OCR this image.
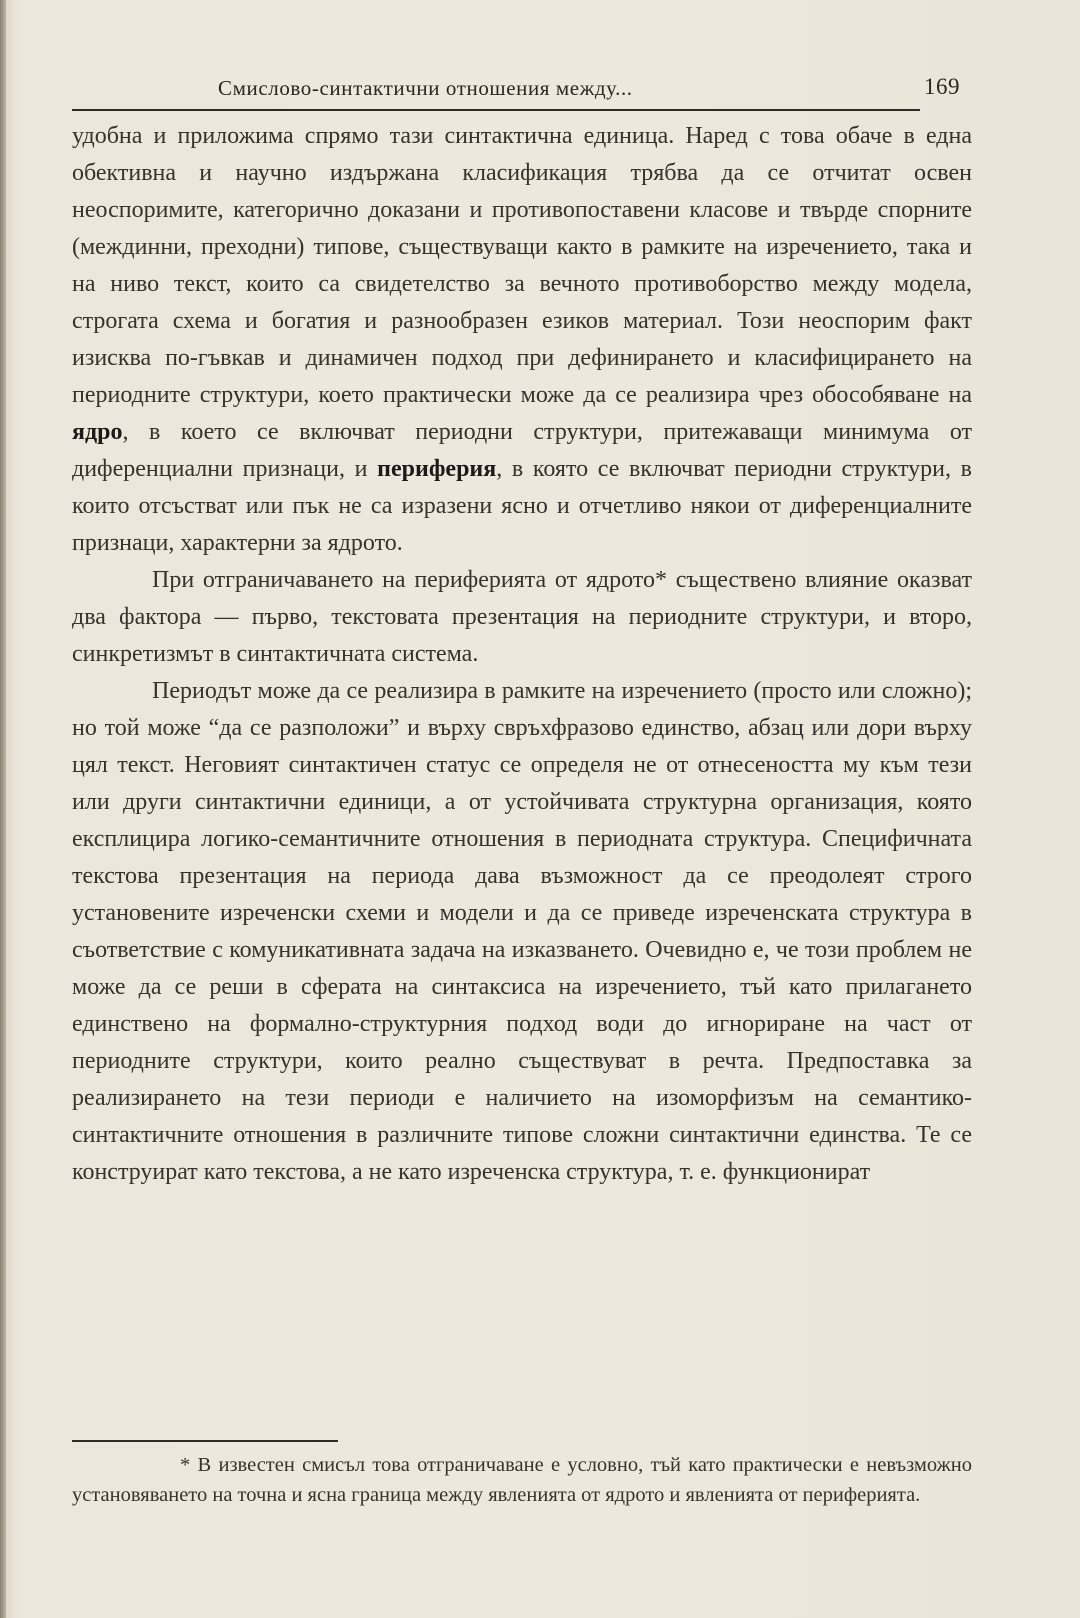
Смислово-синтактични отношения между...	169

удобна и приложима спрямо тази синтактична единица. Наред с това обаче в една обективна и научно издържана класификация трябва да се отчитат освен неоспоримите, категорично доказани и противопоставени класове и твърде спорните (междинни, преходни) типове, съществуващи както в рамките на изречението, така и на ниво текст, които са свидетелство за вечното противоборство между модела, строгата схема и богатия и разнообразен езиков материал. Този неоспорим факт изисква по-гъвкав и динамичен подход при дефинирането и класифицирането на периодните структури, което практически може да се реализира чрез обособяване на ядро, в което се включват периодни структури, притежаващи минимума от диференциални признаци, и периферия, в която се включват периодни структури, в които отсъстват или пък не са изразени ясно и отчетливо някои от диференциалните признаци, характерни за ядрото.

При отграничаването на периферията от ядрото* съществено влияние оказват два фактора — първо, текстовата презентация на периодните структури, и второ, синкретизмът в синтактичната система.

Периодът може да се реализира в рамките на изречението (просто или сложно); но той може “да се разположи” и върху свръхфразово единство, абзац или дори върху цял текст. Неговият синтактичен статус се определя не от отнесеността му към тези или други синтактични единици, а от устойчивата структурна организация, която експлицира логико-семантичните отношения в периодната структура. Специфичната текстова презентация на периода дава възможност да се преодолеят строго установените изреченски схеми и модели и да се приведе изреченската структура в съответствие с комуникативната задача на изказването. Очевидно е, че този проблем не може да се реши в сферата на синтаксиса на изречението, тъй като прилагането единствено на формално-структурния подход води до игнориране на част от периодните структури, които реално съществуват в речта. Предпоставка за реализирането на тези периоди е наличието на изоморфизъм на семантико-синтактичните отношения в различните типове сложни синтактични единства. Те се конструират като текстова, а не като изреченска структура, т. е. функционират

* В известен смисъл това отграничаване е условно, тъй като практически е невъзможно установяването на точна и ясна граница между явленията от ядрото и явленията от периферията.
